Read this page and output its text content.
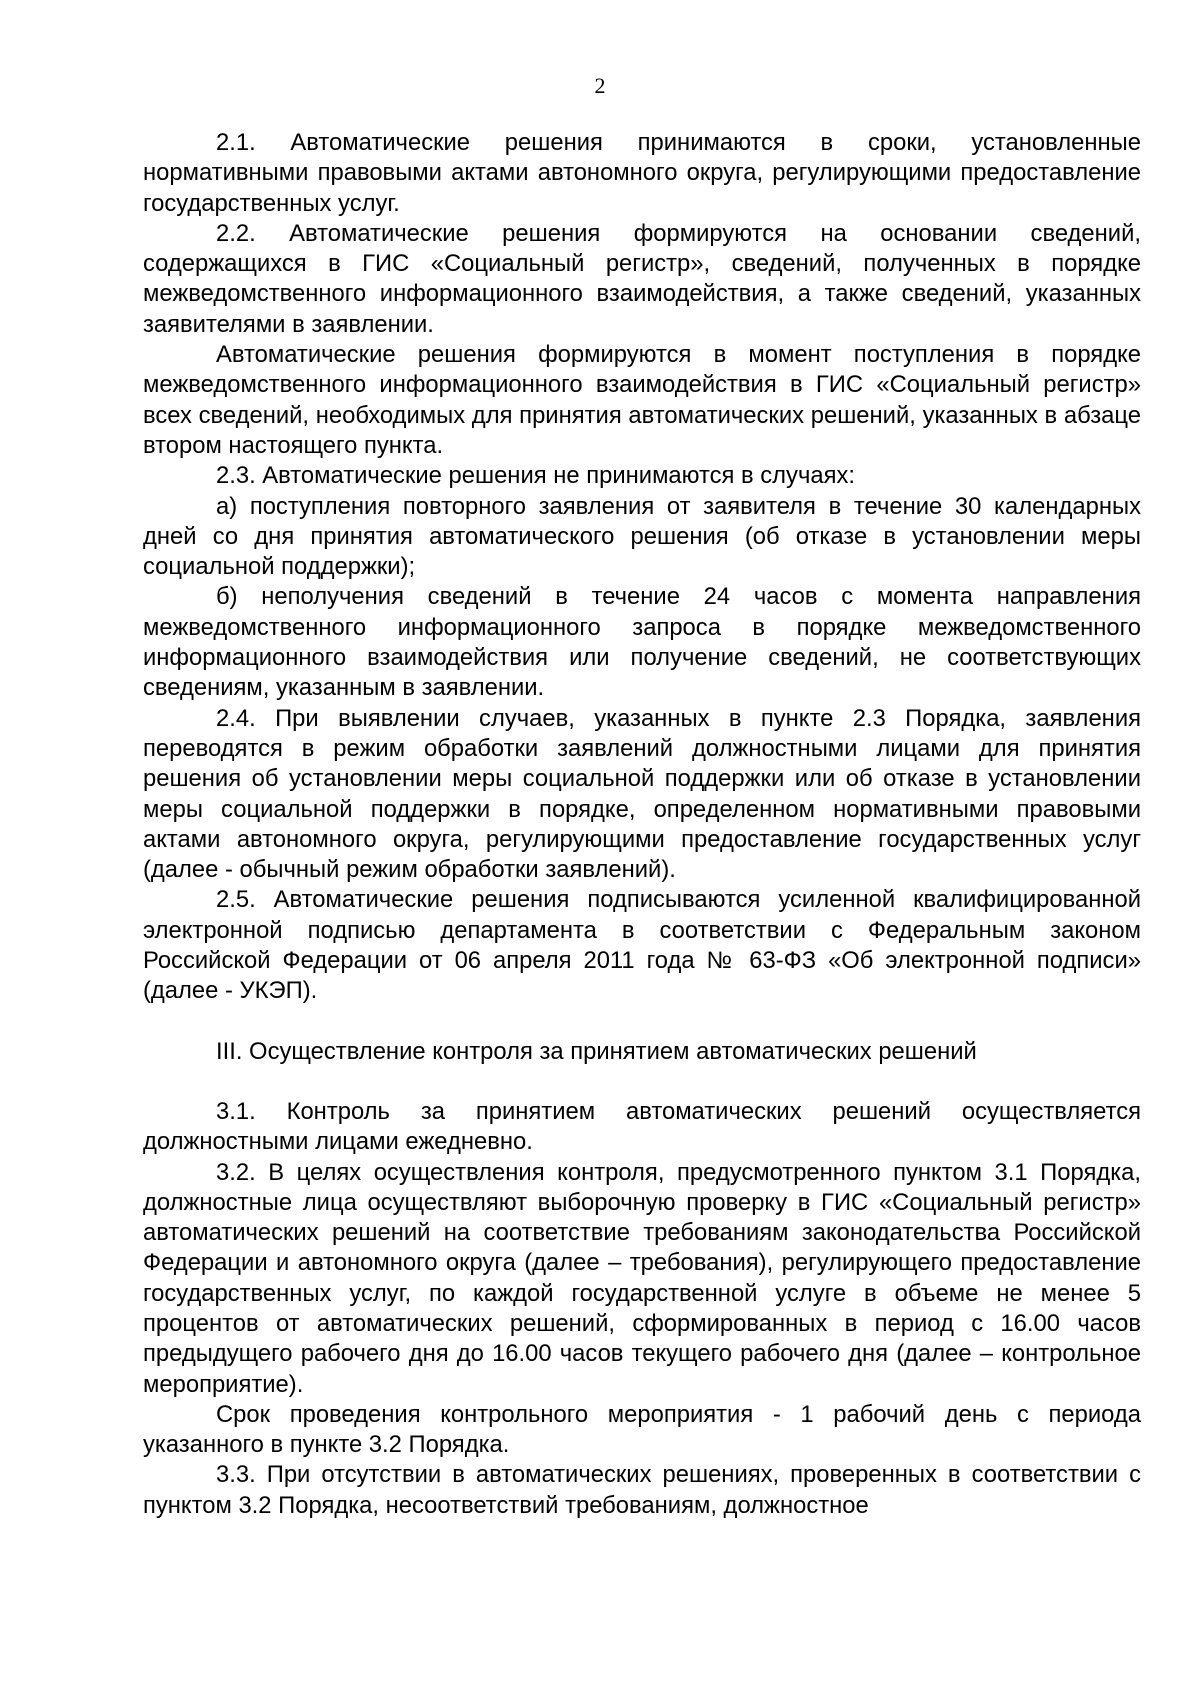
2

2.1. Автоматические решения принимаются в сроки, установленные нормативными правовыми актами автономного округа, регулирующими предоставление государственных услуг.

2.2. Автоматические решения формируются на основании сведений, содержащихся в ГИС «Социальный регистр», сведений, полученных в порядке межведомственного информационного взаимодействия, а также сведений, указанных заявителями в заявлении.

Автоматические решения формируются в момент поступления в порядке межведомственного информационного взаимодействия в ГИС «Социальный регистр» всех сведений, необходимых для принятия автоматических решений, указанных в абзаце втором настоящего пункта.

2.3. Автоматические решения не принимаются в случаях:

а) поступления повторного заявления от заявителя в течение 30 календарных дней со дня принятия автоматического решения (об отказе в установлении меры социальной поддержки);

б) неполучения сведений в течение 24 часов с момента направления межведомственного информационного запроса в порядке межведомственного информационного взаимодействия или получение сведений, не соответствующих сведениям, указанным в заявлении.

2.4. При выявлении случаев, указанных в пункте 2.3 Порядка, заявления переводятся в режим обработки заявлений должностными лицами для принятия решения об установлении меры социальной поддержки или об отказе в установлении меры социальной поддержки в порядке, определенном нормативными правовыми актами автономного округа, регулирующими предоставление государственных услуг (далее - обычный режим обработки заявлений).

2.5. Автоматические решения подписываются усиленной квалифицированной электронной подписью департамента в соответствии с Федеральным законом Российской Федерации от 06 апреля 2011 года № 63-ФЗ «Об электронной подписи» (далее - УКЭП).

III. Осуществление контроля за принятием автоматических решений

3.1. Контроль за принятием автоматических решений осуществляется должностными лицами ежедневно.

3.2. В целях осуществления контроля, предусмотренного пунктом 3.1 Порядка, должностные лица осуществляют выборочную проверку в ГИС «Социальный регистр» автоматических решений на соответствие требованиям законодательства Российской Федерации и автономного округа (далее – требования), регулирующего предоставление государственных услуг, по каждой государственной услуге в объеме не менее 5 процентов от автоматических решений, сформированных в период с 16.00 часов предыдущего рабочего дня до 16.00 часов текущего рабочего дня (далее – контрольное мероприятие).

Срок проведения контрольного мероприятия - 1 рабочий день с периода указанного в пункте 3.2 Порядка.

3.3. При отсутствии в автоматических решениях, проверенных в соответствии с пунктом 3.2 Порядка, несоответствий требованиям, должностное
